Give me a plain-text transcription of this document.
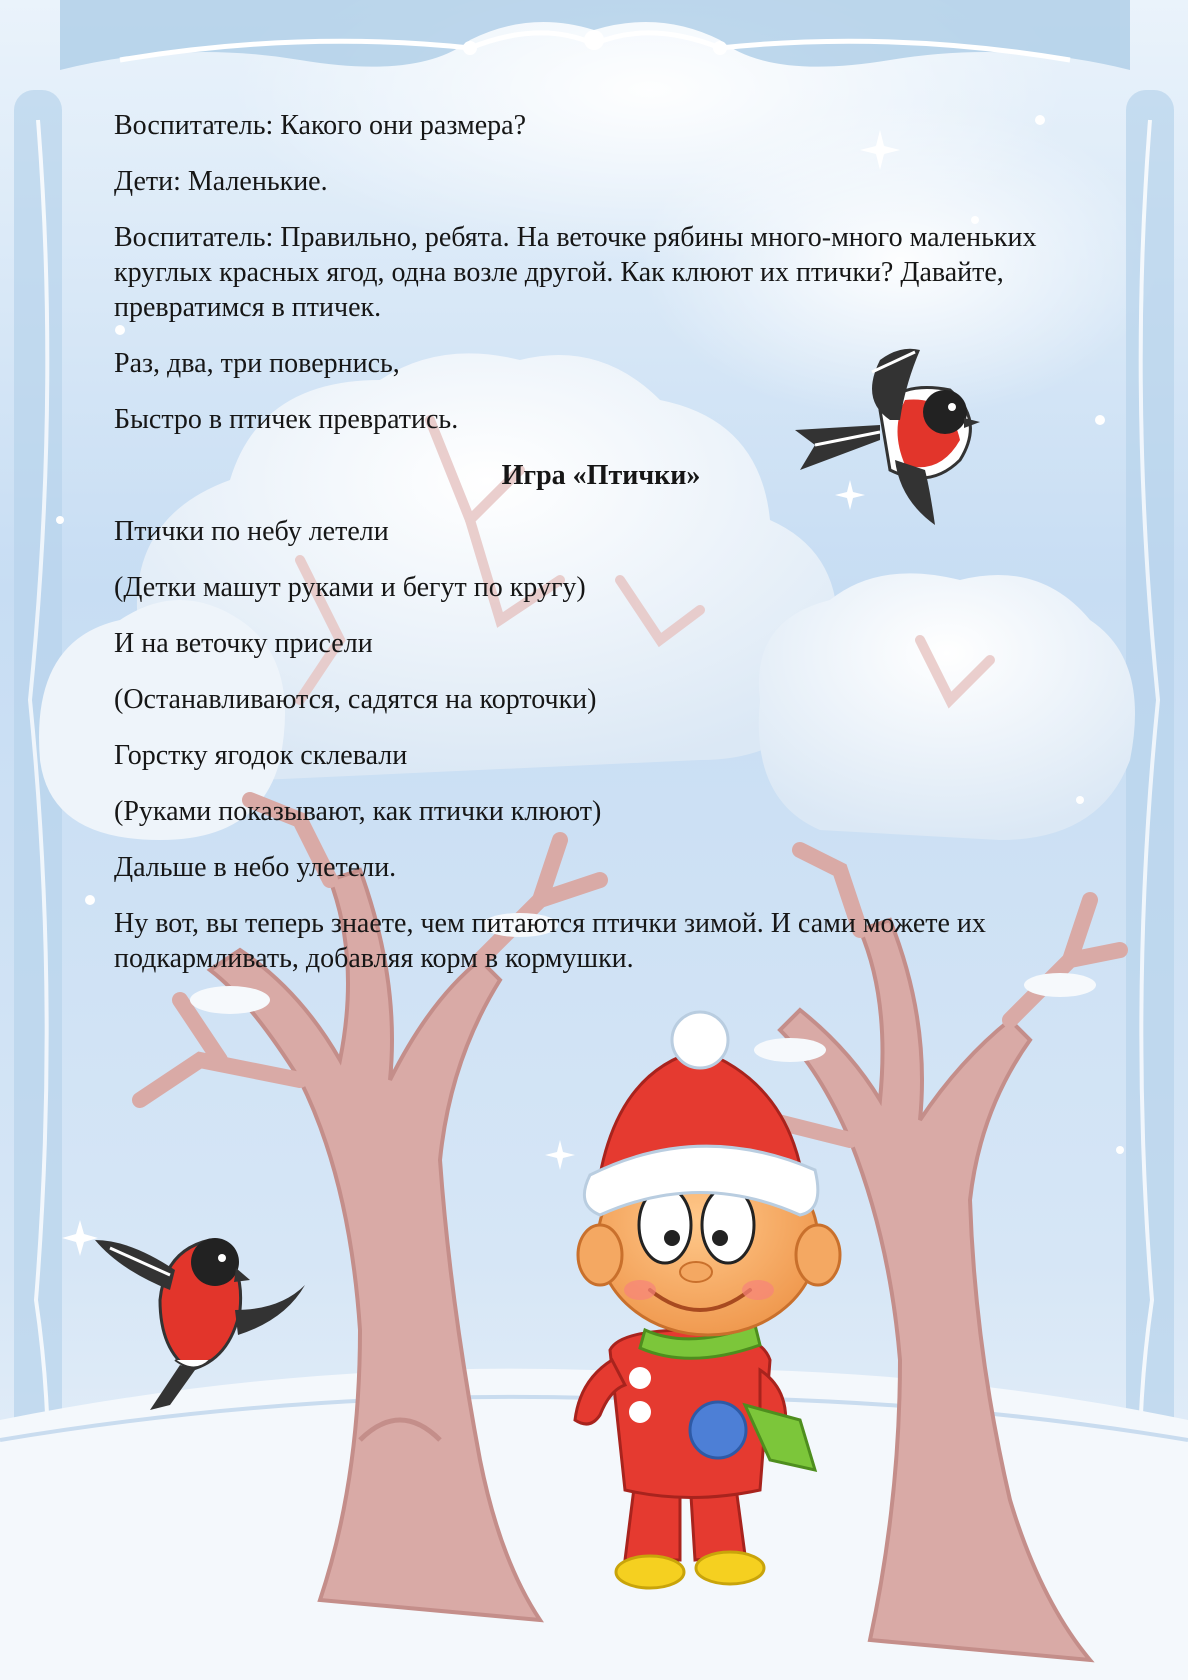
Воспитатель: Какого они размера?

Дети: Маленькие.

Воспитатель: Правильно, ребята. На веточке рябины много-много маленьких круглых красных ягод, одна возле другой. Как клюют их птички? Давайте, превратимся в птичек.

Раз, два, три повернись,

Быстро в птичек превратись.

Игра «Птички»

Птички по небу летели

(Детки машут руками и бегут по кругу)

И на веточку присели

(Останавливаются, садятся на корточки)

Горстку ягодок склевали

(Руками показывают, как птички клюют)

Дальше в небо улетели.

Ну вот, вы теперь знаете, чем питаются птички зимой. И сами можете их подкармливать, добавляя корм в кормушки.
